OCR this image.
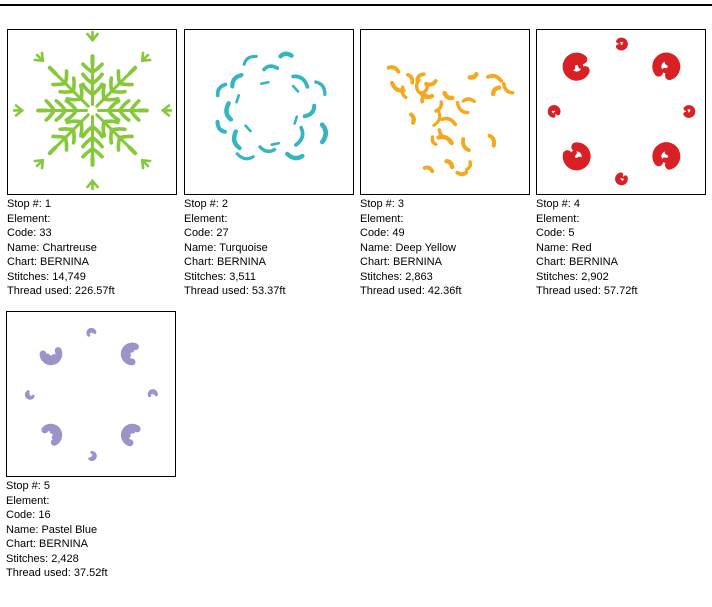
Stop #: 1
Element:
Code: 33
Name: Chartreuse
Chart: BERNINA
Stitches: 14,749
Thread used: 226.57ft
Stop #: 2
Element:
Code: 27
Name: Turquoise
Chart: BERNINA
Stitches: 3,511
Thread used: 53.37ft
Stop #: 3
Element:
Code: 49
Name: Deep Yellow
Chart: BERNINA
Stitches: 2,863
Thread used: 42.36ft
Stop #: 4
Element:
Code: 5
Name: Red
Chart: BERNINA
Stitches: 2,902
Thread used: 57.72ft
Stop #: 5
Element:
Code: 16
Name: Pastel Blue
Chart: BERNINA
Stitches: 2,428
Thread used: 37.52ft
